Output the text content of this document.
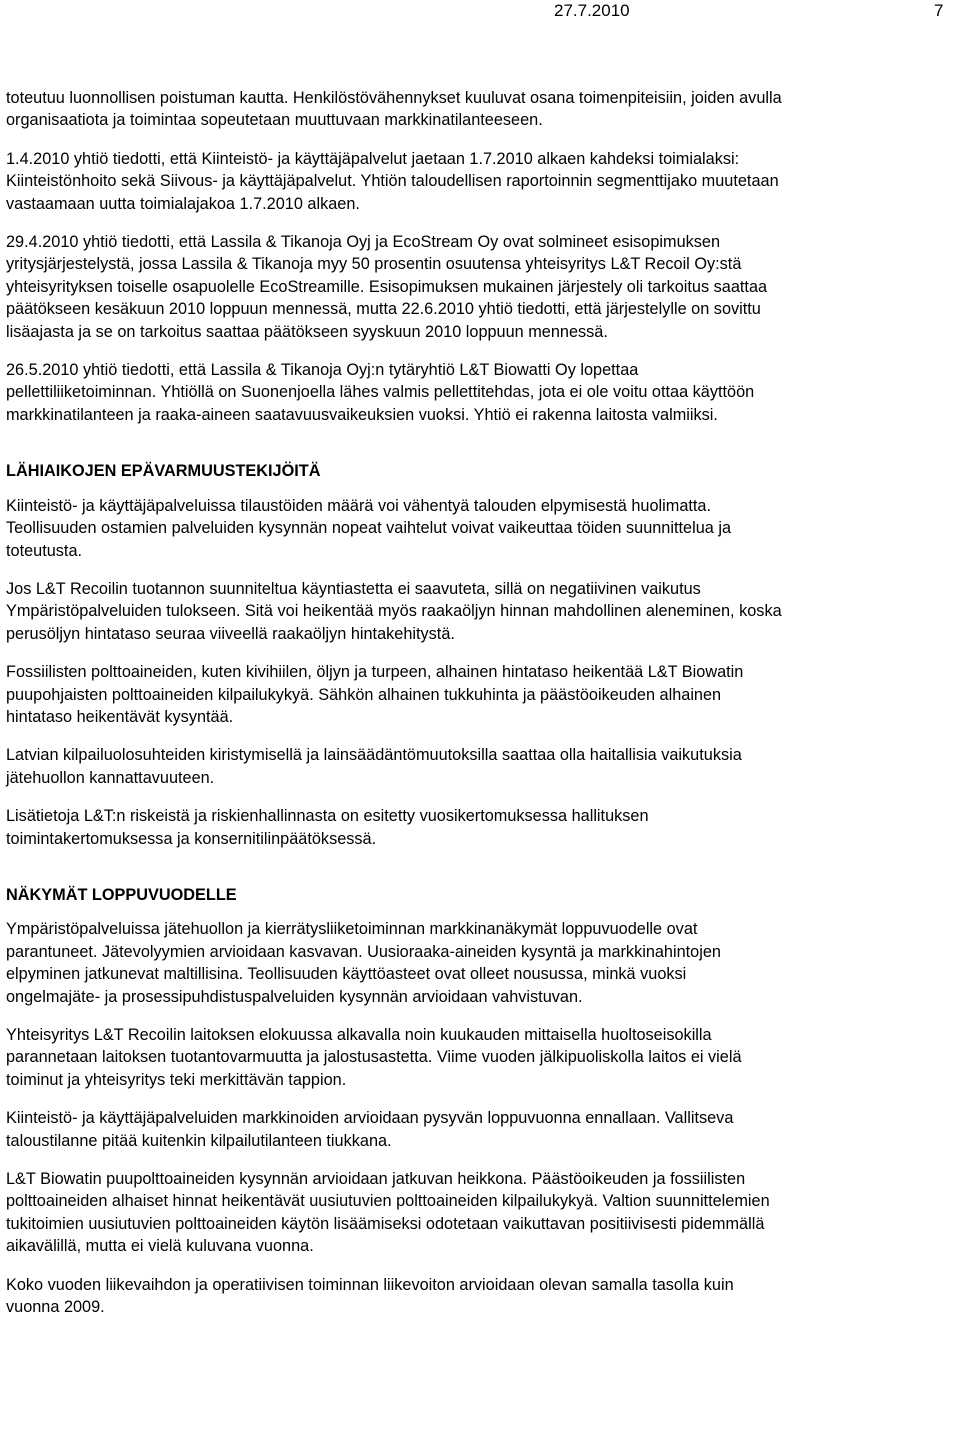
27.7.2010	7

toteutuu luonnollisen poistuman kautta. Henkilöstövähennykset kuuluvat osana toimenpiteisiin, joiden avulla
organisaatiota ja toimintaa sopeutetaan muuttuvaan markkinatilanteeseen.

1.4.2010 yhtiö tiedotti, että Kiinteistö- ja käyttäjäpalvelut jaetaan 1.7.2010 alkaen kahdeksi toimialaksi:
Kiinteistönhoito sekä Siivous- ja käyttäjäpalvelut. Yhtiön taloudellisen raportoinnin segmenttijako muutetaan
vastaamaan uutta toimialajakoa 1.7.2010 alkaen.

29.4.2010 yhtiö tiedotti, että Lassila & Tikanoja Oyj ja EcoStream Oy ovat solmineet esisopimuksen
yritysjärjestelystä, jossa Lassila & Tikanoja myy 50 prosentin osuutensa yhteisyritys L&T Recoil Oy:stä
yhteisyrityksen toiselle osapuolelle EcoStreamille. Esisopimuksen mukainen järjestely oli tarkoitus saattaa
päätökseen kesäkuun 2010 loppuun mennessä, mutta 22.6.2010 yhtiö tiedotti, että järjestelylle on sovittu
lisäajasta ja se on tarkoitus saattaa päätökseen syyskuun 2010 loppuun mennessä.

26.5.2010 yhtiö tiedotti, että Lassila & Tikanoja Oyj:n tytäryhtiö L&T Biowatti Oy lopettaa
pellettiliiketoiminnan. Yhtiöllä on Suonenjoella lähes valmis pellettitehdas, jota ei ole voitu ottaa käyttöön
markkinatilanteen ja raaka-aineen saatavuusvaikeuksien vuoksi. Yhtiö ei rakenna laitosta valmiiksi.

LÄHIAIKOJEN EPÄVARMUUSTEKIJÖITÄ

Kiinteistö- ja käyttäjäpalveluissa tilaustöiden määrä voi vähentyä talouden elpymisestä huolimatta.
Teollisuuden ostamien palveluiden kysynnän nopeat vaihtelut voivat vaikeuttaa töiden suunnittelua ja
toteutusta.

Jos L&T Recoilin tuotannon suunniteltua käyntiastetta ei saavuteta, sillä on negatiivinen vaikutus
Ympäristöpalveluiden tulokseen. Sitä voi heikentää myös raakaöljyn hinnan mahdollinen aleneminen, koska
perusöljyn hintataso seuraa viiveellä raakaöljyn hintakehitystä.

Fossiilisten polttoaineiden, kuten kivihiilen, öljyn ja turpeen, alhainen hintataso heikentää L&T Biowatin
puupohjaisten polttoaineiden kilpailukykyä. Sähkön alhainen tukkuhinta ja päästöoikeuden alhainen
hintataso heikentävät kysyntää.

Latvian kilpailuolosuhteiden kiristymisellä ja lainsäädäntömuutoksilla saattaa olla haitallisia vaikutuksia
jätehuollon kannattavuuteen.

Lisätietoja L&T:n riskeistä ja riskienhallinnasta on esitetty vuosikertomuksessa hallituksen
toimintakertomuksessa ja konsernitilinpäätöksessä.

NÄKYMÄT LOPPUVUODELLE

Ympäristöpalveluissa jätehuollon ja kierrätysliiketoiminnan markkinanäkymät loppuvuodelle ovat
parantuneet. Jätevolyymien arvioidaan kasvavan. Uusioraaka-aineiden kysyntä ja markkinahintojen
elpyminen jatkunevat maltillisina. Teollisuuden käyttöasteet ovat olleet nousussa, minkä vuoksi
ongelmajäte- ja prosessipuhdistuspalveluiden kysynnän arvioidaan vahvistuvan.

Yhteisyritys L&T Recoilin laitoksen elokuussa alkavalla noin kuukauden mittaisella huoltoseisokilla
parannetaan laitoksen tuotantovarmuutta ja jalostusastetta. Viime vuoden jälkipuoliskolla laitos ei vielä
toiminut ja yhteisyritys teki merkittävän tappion.

Kiinteistö- ja käyttäjäpalveluiden markkinoiden arvioidaan pysyvän loppuvuonna ennallaan. Vallitseva
taloustilanne pitää kuitenkin kilpailutilanteen tiukkana.

L&T Biowatin puupolttoaineiden kysynnän arvioidaan jatkuvan heikkona. Päästöoikeuden ja fossiilisten
polttoaineiden alhaiset hinnat heikentävät uusiutuvien polttoaineiden kilpailukykyä. Valtion suunnittelemien
tukitoimien uusiutuvien polttoaineiden käytön lisäämiseksi odotetaan vaikuttavan positiivisesti pidemmällä
aikavälillä, mutta ei vielä kuluvana vuonna.

Koko vuoden liikevaihdon ja operatiivisen toiminnan liikevoiton arvioidaan olevan samalla tasolla kuin
vuonna 2009.
